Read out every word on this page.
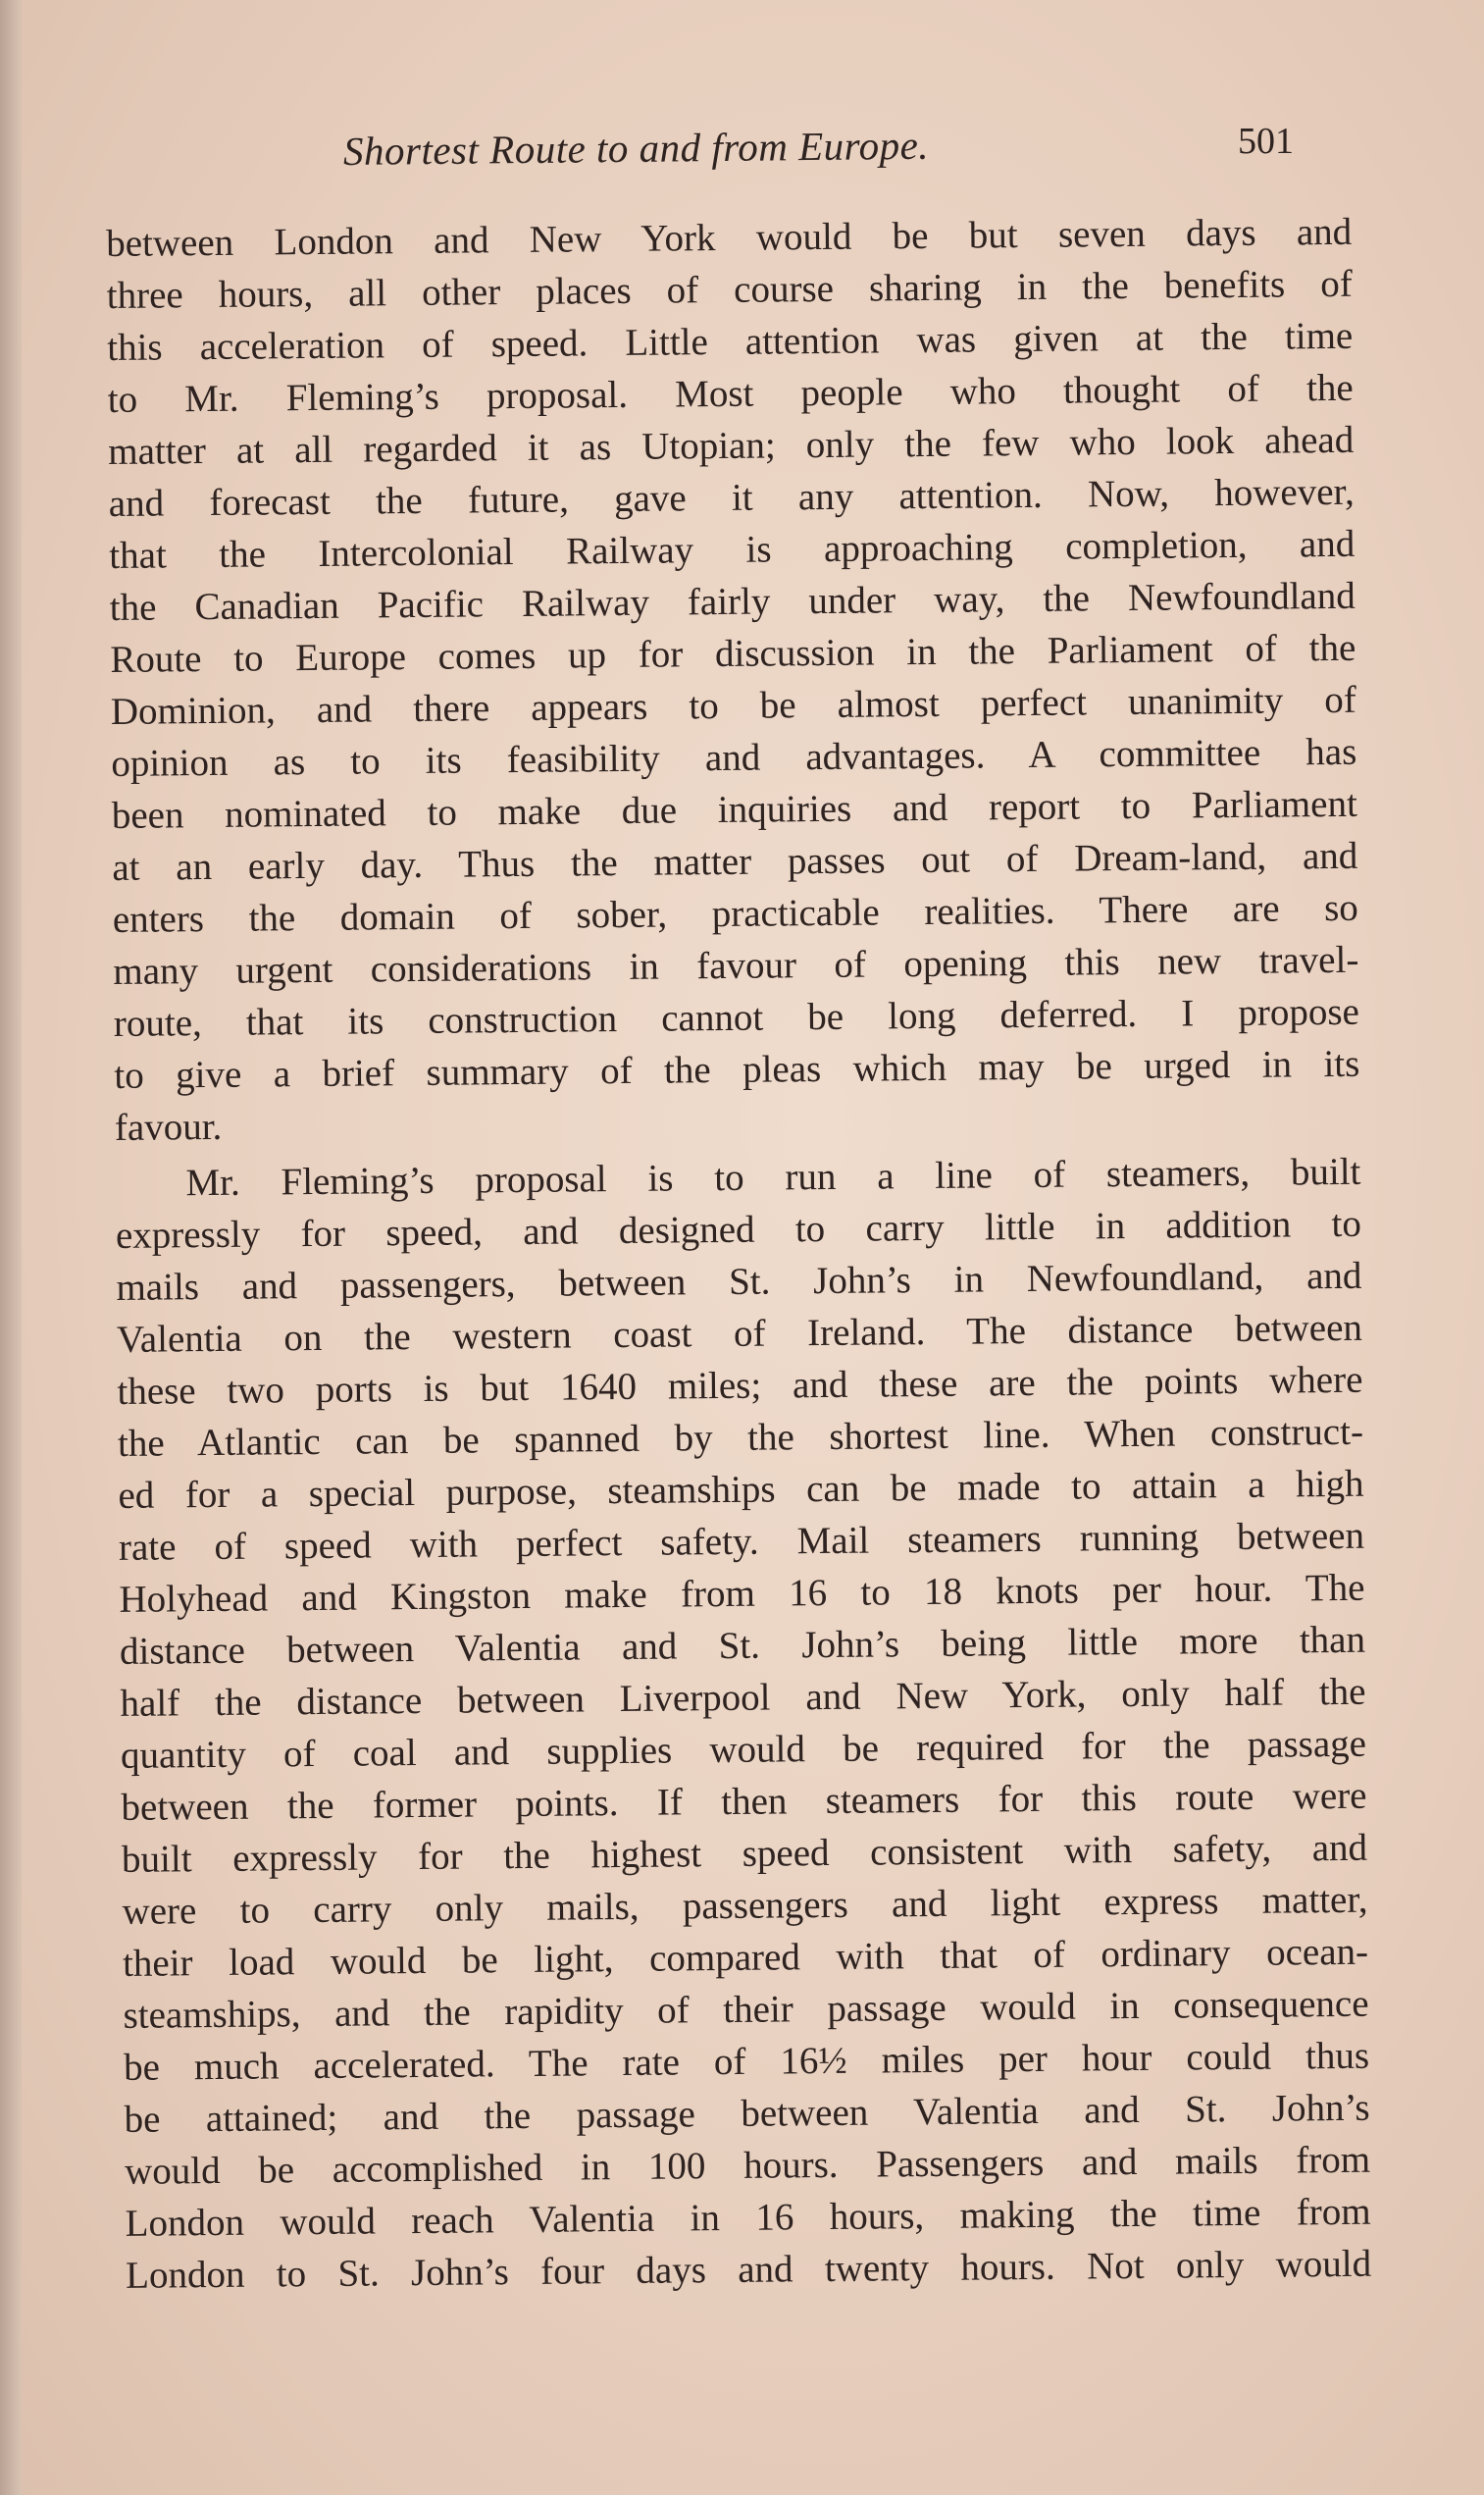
Shortest Route to and from Europe.	501
between London and New York would be but seven days and
three hours, all other places of course sharing in the benefits of
this acceleration of speed. Little attention was given at the time
to Mr. Fleming’s proposal. Most people who thought of the
matter at all regarded it as Utopian; only the few who look ahead
and forecast the future, gave it any attention. Now, however,
that the Intercolonial Railway is approaching completion, and
the Canadian Pacific Railway fairly under way, the Newfoundland
Route to Europe comes up for discussion in the Parliament of the
Dominion, and there appears to be almost perfect unanimity of
opinion as to its feasibility and advantages. A committee has
been nominated to make due inquiries and report to Parliament
at an early day. Thus the matter passes out of Dream-land, and
enters the domain of sober, practicable realities. There are so
many urgent considerations in favour of opening this new travel-
route, that its construction cannot be long deferred. I propose
to give a brief summary of the pleas which may be urged in its
favour.
Mr. Fleming’s proposal is to run a line of steamers, built
expressly for speed, and designed to carry little in addition to
mails and passengers, between St. John’s in Newfoundland, and
Valentia on the western coast of Ireland. The distance between
these two ports is but 1640 miles; and these are the points where
the Atlantic can be spanned by the shortest line. When construct-
ed for a special purpose, steamships can be made to attain a high
rate of speed with perfect safety. Mail steamers running between
Holyhead and Kingston make from 16 to 18 knots per hour. The
distance between Valentia and St. John’s being little more than
half the distance between Liverpool and New York, only half the
quantity of coal and supplies would be required for the passage
between the former points. If then steamers for this route were
built expressly for the highest speed consistent with safety, and
were to carry only mails, passengers and light express matter,
their load would be light, compared with that of ordinary ocean-
steamships, and the rapidity of their passage would in consequence
be much accelerated. The rate of 16½ miles per hour could thus
be attained; and the passage between Valentia and St. John’s
would be accomplished in 100 hours. Passengers and mails from
London would reach Valentia in 16 hours, making the time from
London to St. John’s four days and twenty hours. Not only would
